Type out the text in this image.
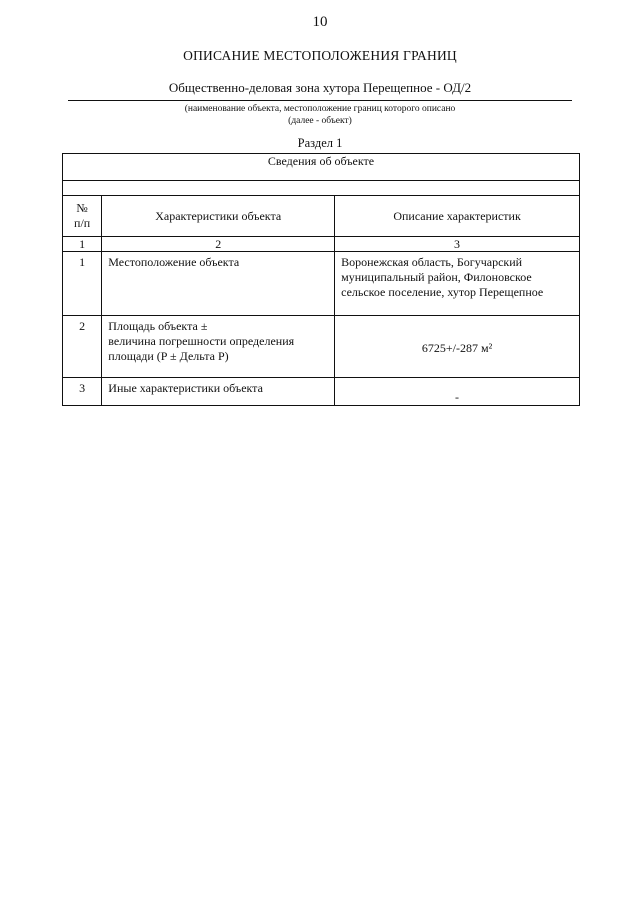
10
ОПИСАНИЕ МЕСТОПОЛОЖЕНИЯ ГРАНИЦ
Общественно-деловая зона хутора Перещепное - ОД/2
(наименование объекта, местоположение границ которого описано
(далее - объект)
Раздел 1
Сведения об объекте		

№
п/п	Характеристики объекта	Описание характеристик
1	2	3
1	Местоположение объекта	Воронежская область, Богучарский
муниципальный район, Филоновское
сельское поселение, хутор Перещепное

2	Площадь объекта ±
величина погрешности определения
площади (P ± Дельта P)	6725+/-287 м²

3	Иные характеристики объекта	-
